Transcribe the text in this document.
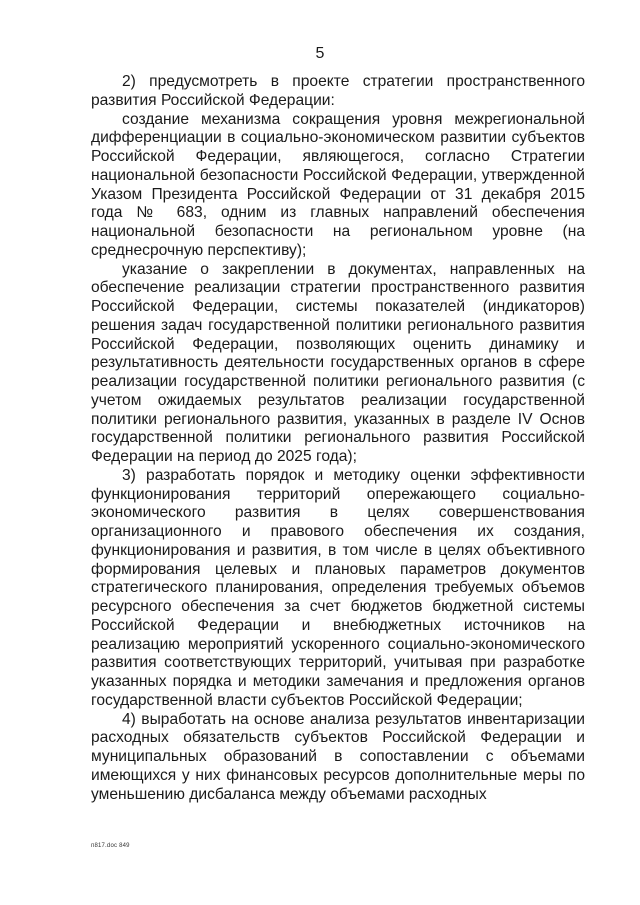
5

2) предусмотреть в проекте стратегии пространственного развития Российской Федерации:

создание механизма сокращения уровня межрегиональной дифференциации в социально-экономическом развитии субъектов Российской Федерации, являющегося, согласно Стратегии национальной безопасности Российской Федерации, утвержденной Указом Президента Российской Федерации от 31 декабря 2015 года № 683, одним из главных направлений обеспечения национальной безопасности на региональном уровне (на среднесрочную перспективу);

указание о закреплении в документах, направленных на обеспечение реализации стратегии пространственного развития Российской Федерации, системы показателей (индикаторов) решения задач государственной политики регионального развития Российской Федерации, позволяющих оценить динамику и результативность деятельности государственных органов в сфере реализации государственной политики регионального развития (с учетом ожидаемых результатов реализации государственной политики регионального развития, указанных в разделе IV Основ государственной политики регионального развития Российской Федерации на период до 2025 года);

3) разработать порядок и методику оценки эффективности функционирования территорий опережающего социально-экономического развития в целях совершенствования организационного и правового обеспечения их создания, функционирования и развития, в том числе в целях объективного формирования целевых и плановых параметров документов стратегического планирования, определения требуемых объемов ресурсного обеспечения за счет бюджетов бюджетной системы Российской Федерации и внебюджетных источников на реализацию мероприятий ускоренного социально-экономического развития соответствующих территорий, учитывая при разработке указанных порядка и методики замечания и предложения органов государственной власти субъектов Российской Федерации;

4) выработать на основе анализа результатов инвентаризации расходных обязательств субъектов Российской Федерации и муниципальных образований в сопоставлении с объемами имеющихся у них финансовых ресурсов дополнительные меры по уменьшению дисбаланса между объемами расходных

п817.doc 849
